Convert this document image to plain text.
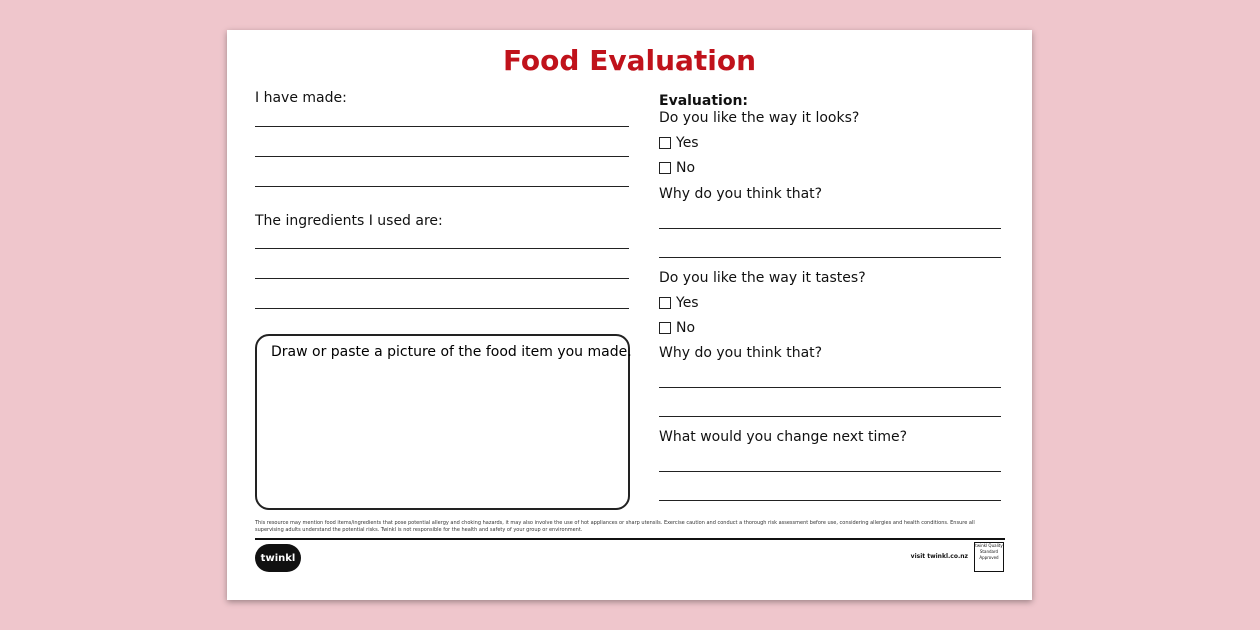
Food Evaluation
I have made:
The ingredients I used are:
Draw or paste a picture of the food item you made.
Evaluation:
Do you like the way it looks?
Yes
No
Why do you think that?
Do you like the way it tastes?
Yes
No
Why do you think that?
What would you change next time?
This resource may mention food items/ingredients that pose potential allergy and choking hazards, it may also involve the use of hot appliances or sharp utensils. Exercise caution and conduct a thorough risk assessment before use, considering allergies and health conditions. Ensure all supervising adults understand the potential risks. Twinkl is not responsible for the health and safety of your group or environment.
twinkl	visit twinkl.co.nz
twinkl Quality Standard Approved
